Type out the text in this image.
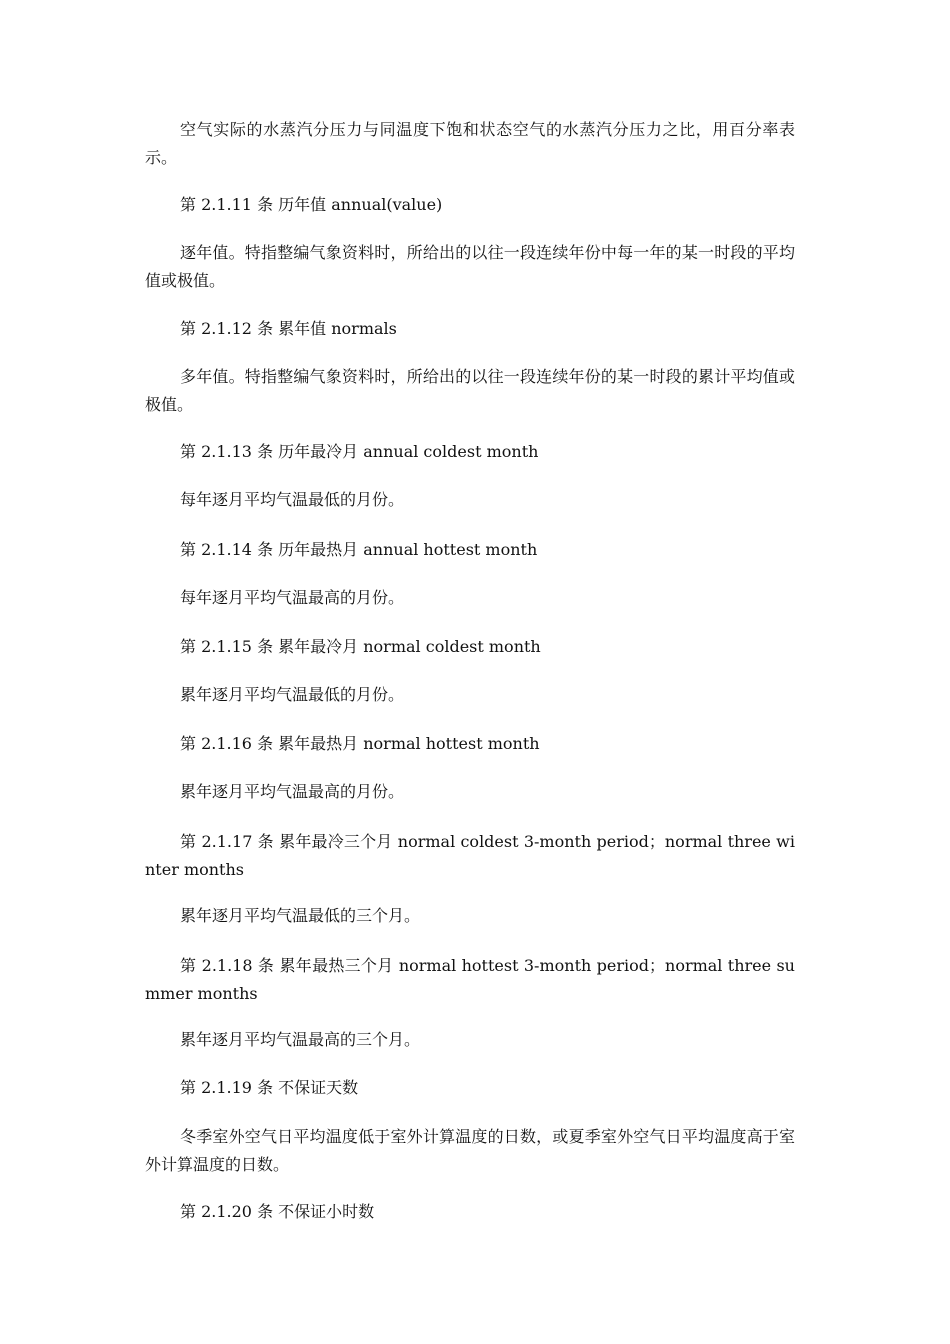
空气实际的水蒸汽分压力与同温度下饱和状态空气的水蒸汽分压力之比，用百分率表示。

第 2.1.11 条 历年值 annual(value)

逐年值。特指整编气象资料时，所给出的以往一段连续年份中每一年的某一时段的平均值或极值。

第 2.1.12 条 累年值 normals

多年值。特指整编气象资料时，所给出的以往一段连续年份的某一时段的累计平均值或极值。

第 2.1.13 条 历年最冷月 annual coldest month

每年逐月平均气温最低的月份。

第 2.1.14 条 历年最热月 annual hottest month

每年逐月平均气温最高的月份。

第 2.1.15 条 累年最冷月 normal coldest month

累年逐月平均气温最低的月份。

第 2.1.16 条 累年最热月 normal hottest month

累年逐月平均气温最高的月份。

第 2.1.17 条 累年最冷三个月 normal coldest 3-month period；normal three winter months

累年逐月平均气温最低的三个月。

第 2.1.18 条 累年最热三个月 normal hottest 3-month period；normal three summer months

累年逐月平均气温最高的三个月。

第 2.1.19 条 不保证天数

冬季室外空气日平均温度低于室外计算温度的日数，或夏季室外空气日平均温度高于室外计算温度的日数。

第 2.1.20 条 不保证小时数
